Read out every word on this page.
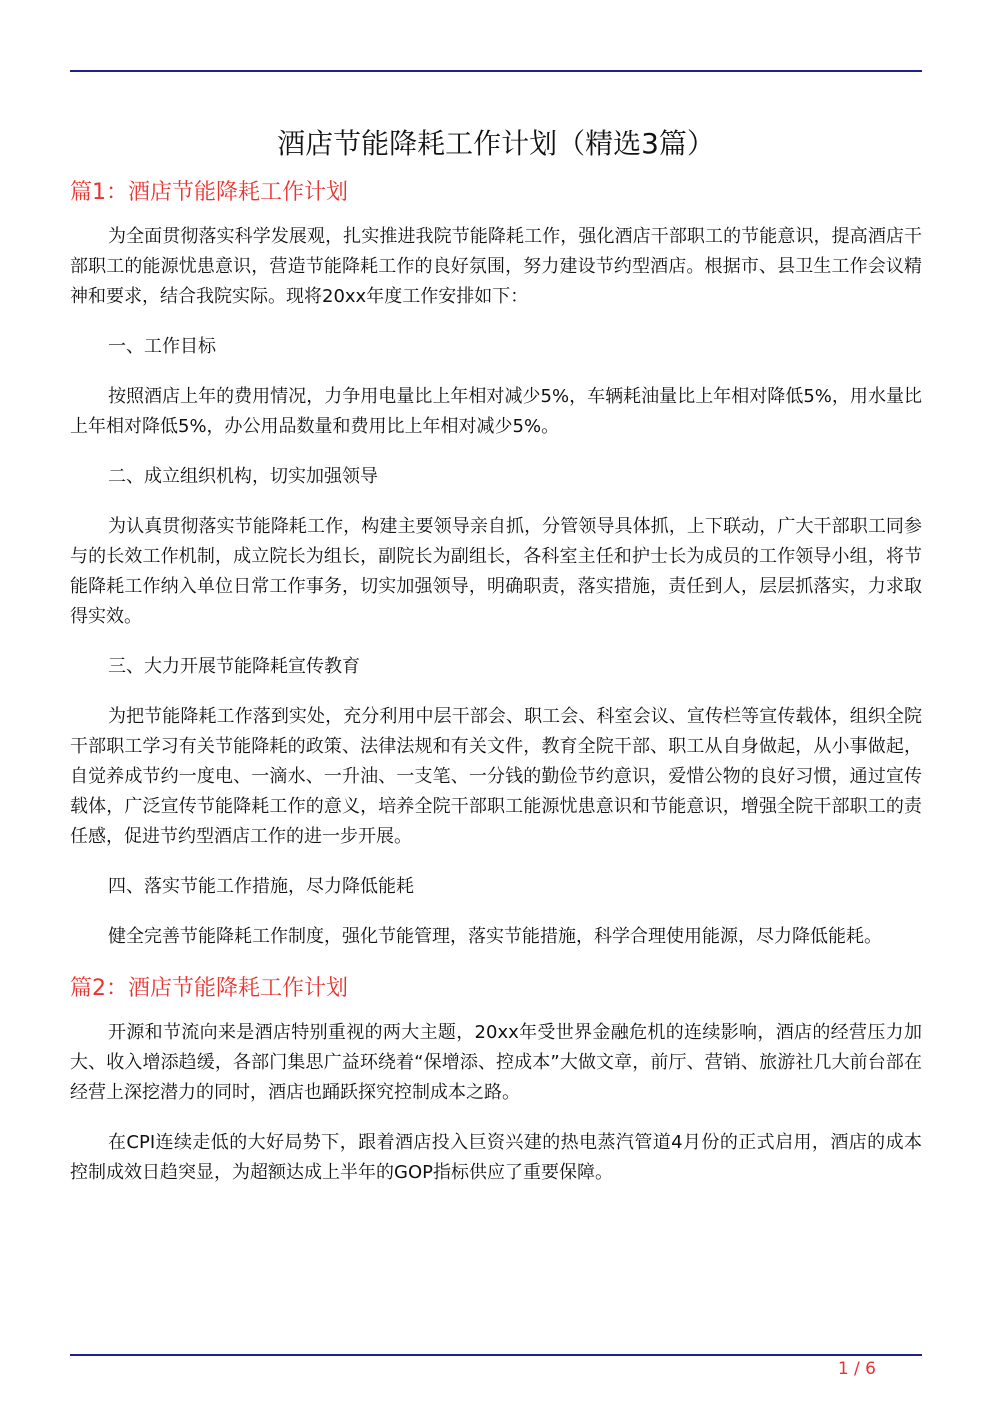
酒店节能降耗工作计划（精选3篇）
篇1：酒店节能降耗工作计划

为全面贯彻落实科学发展观，扎实推进我院节能降耗工作，强化酒店干部职工的节能意识，提高酒店干部职工的能源忧患意识，营造节能降耗工作的良好氛围，努力建设节约型酒店。根据市、县卫生工作会议精神和要求，结合我院实际。现将20xx年度工作安排如下：

一、工作目标

按照酒店上年的费用情况，力争用电量比上年相对减少5%，车辆耗油量比上年相对降低5%，用水量比上年相对降低5%，办公用品数量和费用比上年相对减少5%。

二、成立组织机构，切实加强领导

为认真贯彻落实节能降耗工作，构建主要领导亲自抓，分管领导具体抓，上下联动，广大干部职工同参与的长效工作机制，成立院长为组长，副院长为副组长，各科室主任和护士长为成员的工作领导小组，将节能降耗工作纳入单位日常工作事务，切实加强领导，明确职责，落实措施，责任到人，层层抓落实，力求取得实效。

三、大力开展节能降耗宣传教育

为把节能降耗工作落到实处，充分利用中层干部会、职工会、科室会议、宣传栏等宣传载体，组织全院干部职工学习有关节能降耗的政策、法律法规和有关文件，教育全院干部、职工从自身做起，从小事做起，自觉养成节约一度电、一滴水、一升油、一支笔、一分钱的勤俭节约意识，爱惜公物的良好习惯，通过宣传载体，广泛宣传节能降耗工作的意义，培养全院干部职工能源忧患意识和节能意识，增强全院干部职工的责任感，促进节约型酒店工作的进一步开展。

四、落实节能工作措施，尽力降低能耗

健全完善节能降耗工作制度，强化节能管理，落实节能措施，科学合理使用能源，尽力降低能耗。

篇2：酒店节能降耗工作计划

开源和节流向来是酒店特别重视的两大主题，20xx年受世界金融危机的连续影响，酒店的经营压力加大、收入增添趋缓，各部门集思广益环绕着“保增添、控成本”大做文章，前厅、营销、旅游社几大前台部在经营上深挖潜力的同时，酒店也踊跃探究控制成本之路。

在CPI连续走低的大好局势下，跟着酒店投入巨资兴建的热电蒸汽管道4月份的正式启用，酒店的成本控制成效日趋突显，为超额达成上半年的GOP指标供应了重要保障。

1 / 6
